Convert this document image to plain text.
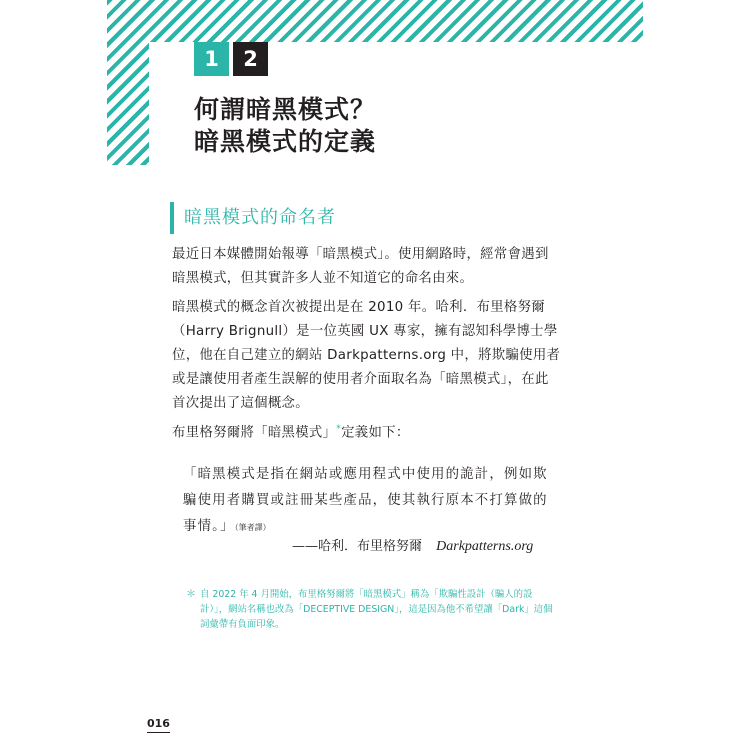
1	2
何謂暗黑模式？
暗黑模式的定義
暗黑模式的命名者
最近日本媒體開始報導「暗黑模式」。使用網路時，經常會遇到
暗黑模式，但其實許多人並不知道它的命名由來。
暗黑模式的概念首次被提出是在 2010 年。哈利．布里格努爾
（Harry Brignull）是一位英國 UX 專家，擁有認知科學博士學
位，他在自己建立的網站 Darkpatterns.org 中，將欺騙使用者
或是讓使用者產生誤解的使用者介面取名為「暗黑模式」，在此
首次提出了這個概念。
布里格努爾將「暗黑模式」*定義如下：
「暗黑模式是指在網站或應用程式中使用的詭計，例如欺
騙使用者購買或註冊某些產品，使其執行原本不打算做的
事情。」（筆者譯）
——哈利．布里格努爾 Darkpatterns.org
＊ 自 2022 年 4 月開始，布里格努爾將「暗黑模式」稱為「欺騙性設計（騙人的設
計）」，網站名稱也改為「DECEPTIVE DESIGN」，這是因為他不希望讓「Dark」這個
詞彙帶有負面印象。
016
